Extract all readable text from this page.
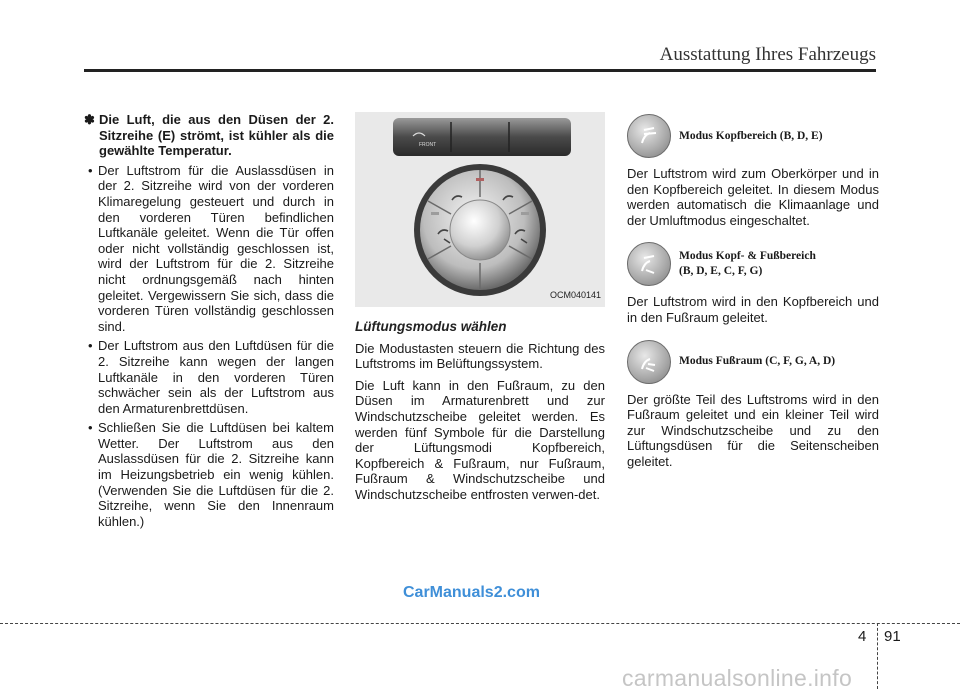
Ausstattung Ihres Fahrzeugs

✽ Die Luft, die aus den Düsen der 2. Sitzreihe (E) strömt, ist kühler als die gewählte Temperatur.

• Der Luftstrom für die Auslassdüsen in der 2. Sitzreihe wird von der vorderen Klimaregelung gesteuert und durch in den vorderen Türen befindlichen Luftkanäle geleitet. Wenn die Tür offen oder nicht vollständig geschlossen ist, wird der Luftstrom für die 2. Sitzreihe nicht ordnungsgemäß nach hinten geleitet. Vergewissern Sie sich, dass die vorderen Türen vollständig geschlossen sind.

• Der Luftstrom aus den Luftdüsen für die 2. Sitzreihe kann wegen der langen Luftkanäle in den vorderen Türen schwächer sein als der Luftstrom aus den Armaturenbrettdüsen.

• Schließen Sie die Luftdüsen bei kaltem Wetter. Der Luftstrom aus den Auslassdüsen für die 2. Sitzreihe kann im Heizungsbetrieb ein wenig kühlen. (Verwenden Sie die Luftdüsen für die 2. Sitzreihe, wenn Sie den Innenraum kühlen.)

FRONT
OCM040141
Lüftungsmodus wählen

Die Modustasten steuern die Richtung des Luftstroms im Belüftungssystem.

Die Luft kann in den Fußraum, zu den Düsen im Armaturenbrett und zur Windschutzscheibe geleitet werden. Es werden fünf Symbole für die Darstellung der Lüftungsmodi Kopfbereich, Kopfbereich & Fußraum, nur Fußraum, Fußraum & Windschutzscheibe und Windschutzscheibe entfrosten verwen-det.

Modus Kopfbereich (B, D, E)

Der Luftstrom wird zum Oberkörper und in den Kopfbereich geleitet. In diesem Modus werden automatisch die Klimaanlage und der Umluftmodus eingeschaltet.

Modus Kopf- & Fußbereich
(B, D, E, C, F, G)

Der Luftstrom wird in den Kopfbereich und in den Fußraum geleitet.

Modus Fußraum (C, F, G, A, D)

Der größte Teil des Luftstroms wird in den Fußraum geleitet und ein kleiner Teil wird zur Windschutzscheibe und zu den Lüftungsdüsen für die Seitenscheiben geleitet.

CarManuals2.com
4 91
carmanualsonline.info
